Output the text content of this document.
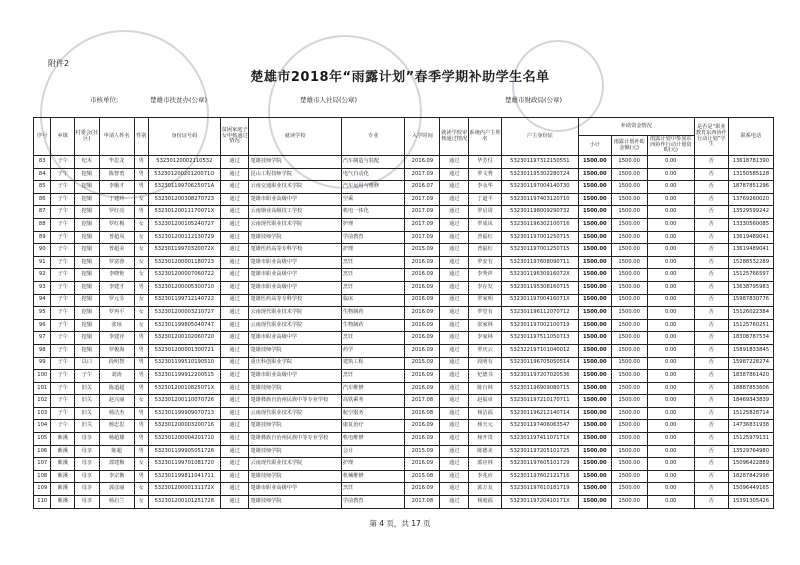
附件2
楚雄市2018年“雨露计划”春季学期补助学生名单
市核单位:	楚雄市扶贫办(公章)	楚雄市人社局(公章)	楚雄市财政局(公章)
序号	乡镇	村委会(社区)	申请人姓名	性别	身份证号码	贫困家庭子女申核通过情况	就读学校	专业	入学时间	就读学校审核通过情况	系统内户主姓名	户主身份证	补助资金情况			是否是“职业教育东西协作行动计划”学生	联系电话
													小计	雨露计划补助金额(元)	雨露计划中参加东西协作行动计划资助(元)		
83	子午	杞木	毕思龙	男	53230120002110532	通过	楚雄技师学院	汽车制造与装配	2016.09	通过	毕芳付	532301197312150551	1500.00	1500.00	0.00	否	13618781390
84	子午	挖铜	陈智勇	男	53230120020120071O	通过	昆山工程技师学院	电气自动化	2017.09	通过	罗文秀	532301195302280724	1500.00	1500.00	0.00	否	13150585128
85	子午	挖铜	李顺才	男	53230119970625071A	通过	云南交通职业技术学院	汽车运用与维修	2016.07	通过	李永华	532301197004140730	1500.00	1500.00	0.00	否	18787851296
86	子午	挖铜	丁建玲	女	532301200308270723	通过	楚雄市职业高级中学	空乘	2017.09	通过	丁道平	532301197403120710	1500.00	1500.00	0.00	否	13769260020
87	子午	挖铜	罗红亮	男	53230120011170071X	通过	云南钢业高级技工学校	机电一体化	2017.09	通过	罗启周	532301198009290732	1500.00	1500.00	0.00	否	13529599242
88	子午	挖铜	罗红梅	女	532301200105240727	通过	云南现代职业技术学院	护理	2017.09	通过	罗成凤	532301196302100716	1500.00	1500.00	0.00	否	13330560085
89	子午	挖铜	普超凤	女	532301200112130729	通过	楚雄技师学院	学前教育	2017.09	通过	普福红	532301197001250715	1500.00	1500.00	0.00	否	13619489041
90	子午	挖铜	普超美	女	53230119970320072X	通过	楚雄医药高等专科学校	护理	2015.09	通过	普福红	532301197001250715	1500.00	1500.00	0.00	否	13619489041
91	子午	挖铜	罗富蓉	女	532301200001180723	通过	楚雄市职业高级中学	烹饪	2016.09	通过	罗安有	532301197608090711	1500.00	1500.00	0.00	否	15288532289
92	子午	挖铜	李晓艳	女	532301200007060722	通过	楚雄市职业高级中学	烹饪	2016.09	通过	李秀祥	53230119630916072X	1500.00	1500.00	0.00	否	15125766597
93	子午	挖铜	李建才	男	532301200005300710	通过	楚雄市职业高级中学	烹饪	2016.09	通过	李存发	532301195308160715	1500.00	1500.00	0.00	否	13638795983
94	子午	挖铜	罗元芬	女	532301199712140722	通过	楚雄医药高等专科学校	临床	2016.09	通过	罗家明	53230119700416071X	1500.00	1500.00	0.00	否	15987830776
95	子午	挖铜	罗再平	女	532301200003210727	通过	云南现代职业技术学院	生物制药	2016.09	通过	罗堂有	532301196112070712	1500.00	1500.00	0.00	否	15126022384
96	子午	挖铜	张琼	女	532301199805040747	通过	云南现代职业技术学院	生物制药	2016.09	通过	张家林	532301197002100719	1500.00	1500.00	0.00	否	15125760251
97	子午	挖铜	李建评	男	532301200102060720	通过	楚雄市职业高级中学	烹饪	2016.09	通过	李家林	532301197511050713	1500.00	1500.00	0.00	否	18308787534
98	子午	挖铜	罗俊海	男	532301200001300721	通过	楚雄技师学院	药学	2016.09	通过	罗庆云	532322197101040012	1500.00	1500.00	0.00	否	15891833845
99	子午	以口	段明智	男	532301199510190510	通过	重庆科创职业学院	建筑工程	2015.09	通过	段明有	532301196705050514	1500.00	1500.00	0.00	否	15987228274
100	子午	子午	刘涛	男	532301199912200515	通过	楚雄市职业高级中学	烹饪	2016.09	通过	杞德书	532301197207020536	1500.00	1500.00	0.00	否	18387861420
101	子午	旧关	陈道超	男	53230120010825071X	通过	楚雄技师学院	汽车维修	2016.09	通过	陈自林	532301196909080715	1500.00	1500.00	0.00	否	18887853606
102	子午	旧关	赵兴丽	女	532301200110070726	通过	楚雄彝族自治州民族中等专业学校	高铁乘务	2017.08	通过	赵福章	532301197210170711	1500.00	1500.00	0.00	否	18469343839
103	子午	旧关	杨洁杰	男	532301199909070713	通过	云南现代职业技术学院	航空服务	2016.08	通过	杨洁福	532301196212140714	1500.00	1500.00	0.00	否	15125828714
104	子午	旧关	杨忠思	男	532301200003200716	通过	楚雄技师学院	康复治疗	2016.09	通过	杨天元	532301197406063547	1500.00	1500.00	0.00	否	14736831938
105	紫溪	母享	杨超雄	男	532301200004201710	通过	楚雄彝族自治州民族中等专业学校	机电维修	2016.09	通过	杨开贵	53230119741107171X	1500.00	1500.00	0.00	否	15125979131
106	紫溪	母享	陈超	男	532301199905051726	通过	楚雄技师学院	会计	2015.09	通过	陈德美	532301197205101725	1500.00	1500.00	0.00	否	13529764980
107	紫溪	母享	郭建梅	女	532301199701081720	通过	云南现代职业技术学院	护理	2016.09	通过	郭应林	532301197605101729	1500.00	1500.00	0.00	否	15096422889
108	紫溪	母享	李宗衡	男	532301199811041711	通过	楚雄技师学院	机械维修	2015.08	通过	李兆应	532301197602121716	1500.00	1500.00	0.00	否	18287842998
109	紫溪	母享	郭彦丽	女	53230120000131172X	通过	楚雄市职业高级中学	烹饪	2016.09	通过	郭万友	532301197610181719	1500.00	1500.00	0.00	否	15096449165
110	紫溪	母享	杨启兰	女	532301200101251728	通过	楚雄技师学院	学前教育	2017.08	通过	杨庭福	53230119720410171X	1500.00	1500.00	0.00	否	15391305426
第 4 页，共 17 页
